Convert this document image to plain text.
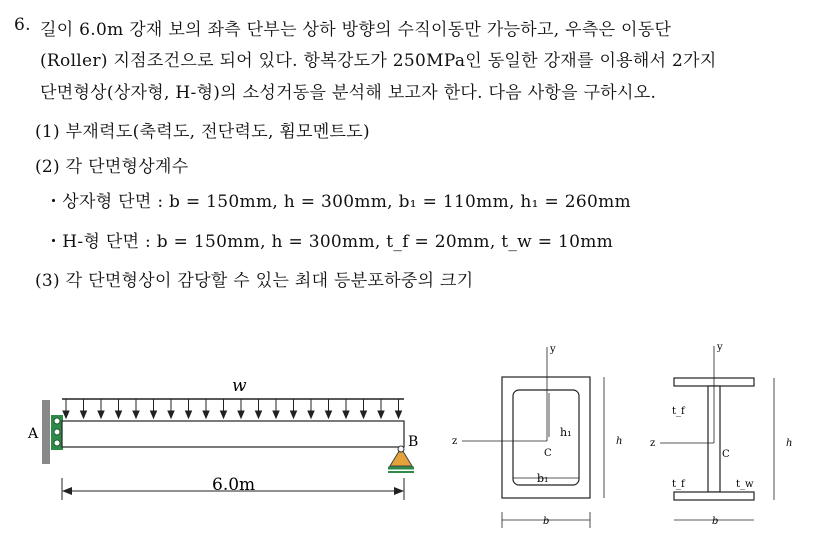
6. 길이 6.0m 강재 보의 좌측 단부는 상하 방향의 수직이동만 가능하고, 우측은 이동단
(Roller) 지점조건으로 되어 있다. 항복강도가 250MPa인 동일한 강재를 이용해서 2가지
단면형상(상자형, H-형)의 소성거동을 분석해 보고자 한다. 다음 사항을 구하시오.
(1) 부재력도(축력도, 전단력도, 휨모멘트도)
(2) 각 단면형상계수
・상자형 단면 : b = 150mm, h = 300mm, b₁ = 110mm, h₁ = 260mm
・H-형 단면 : b = 150mm, h = 300mm, t_f = 20mm, t_w = 10mm
(3) 각 단면형상이 감당할 수 있는 최대 등분포하중의 크기
w
A	B
6.0m
y
z
C
h₁
b₁
h
b
y
z
C
t_f
t_f	t_w
h
b
